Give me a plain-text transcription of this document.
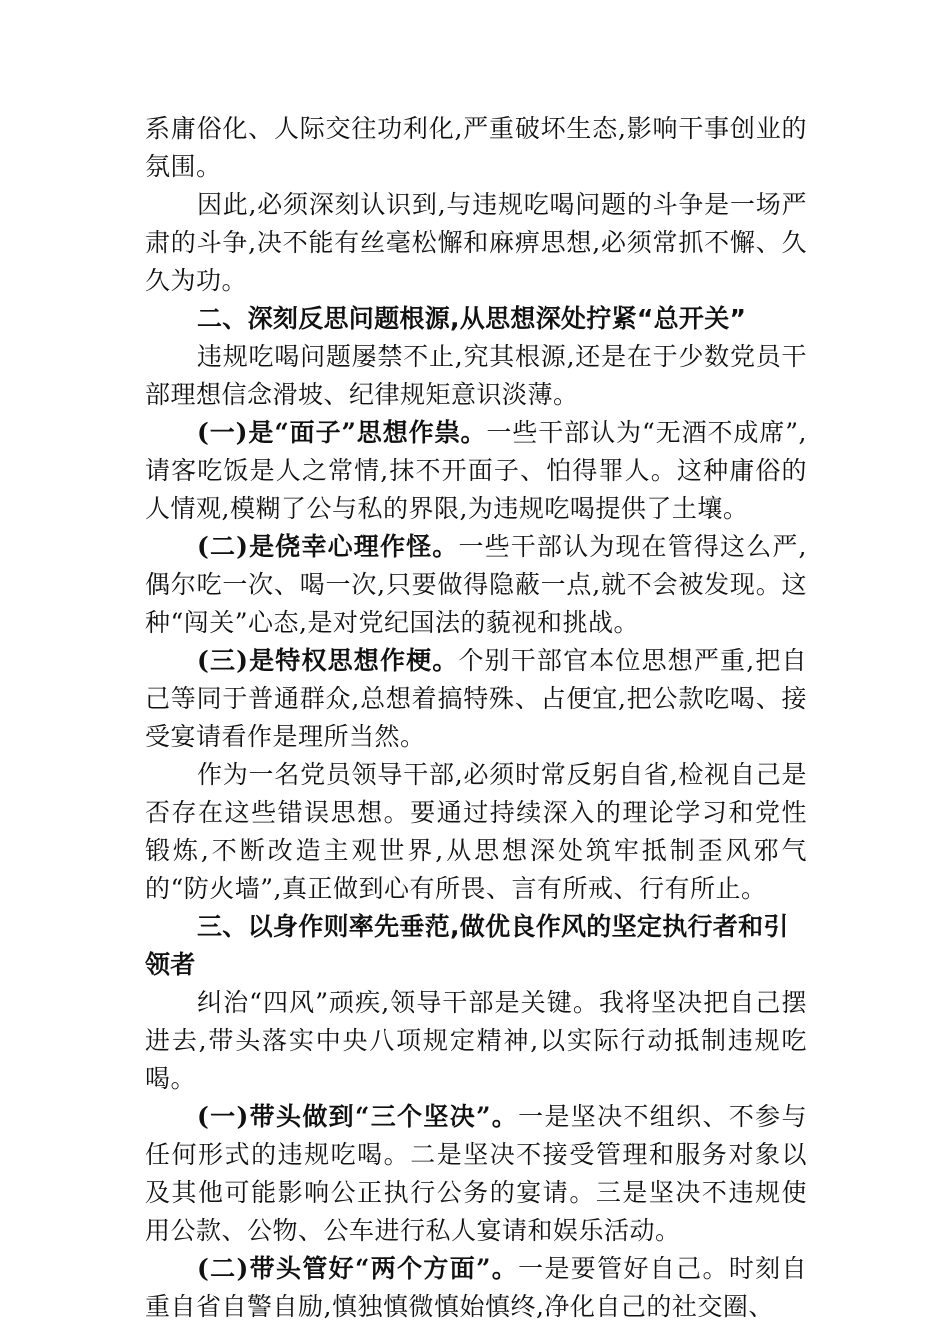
系庸俗化、人际交往功利化,严重破坏生态,影响干事创业的氛围。

因此,必须深刻认识到,与违规吃喝问题的斗争是一场严肃的斗争,决不能有丝毫松懈和麻痹思想,必须常抓不懈、久久为功。

二、深刻反思问题根源,从思想深处拧紧“总开关”

违规吃喝问题屡禁不止,究其根源,还是在于少数党员干部理想信念滑坡、纪律规矩意识淡薄。

(一)是“面子”思想作祟。一些干部认为“无酒不成席”,请客吃饭是人之常情,抹不开面子、怕得罪人。这种庸俗的人情观,模糊了公与私的界限,为违规吃喝提供了土壤。

(二)是侥幸心理作怪。一些干部认为现在管得这么严,偶尔吃一次、喝一次,只要做得隐蔽一点,就不会被发现。这种“闯关”心态,是对党纪国法的藐视和挑战。

(三)是特权思想作梗。个别干部官本位思想严重,把自己等同于普通群众,总想着搞特殊、占便宜,把公款吃喝、接受宴请看作是理所当然。

作为一名党员领导干部,必须时常反躬自省,检视自己是否存在这些错误思想。要通过持续深入的理论学习和党性锻炼,不断改造主观世界,从思想深处筑牢抵制歪风邪气的“防火墙”,真正做到心有所畏、言有所戒、行有所止。

三、以身作则率先垂范,做优良作风的坚定执行者和引领者

纠治“四风”顽疾,领导干部是关键。我将坚决把自己摆进去,带头落实中央八项规定精神,以实际行动抵制违规吃喝。

(一)带头做到“三个坚决”。一是坚决不组织、不参与任何形式的违规吃喝。二是坚决不接受管理和服务对象以及其他可能影响公正执行公务的宴请。三是坚决不违规使用公款、公物、公车进行私人宴请和娱乐活动。

(二)带头管好“两个方面”。一是要管好自己。时刻自重自省自警自励,慎独慎微慎始慎终,净化自己的社交圈、
